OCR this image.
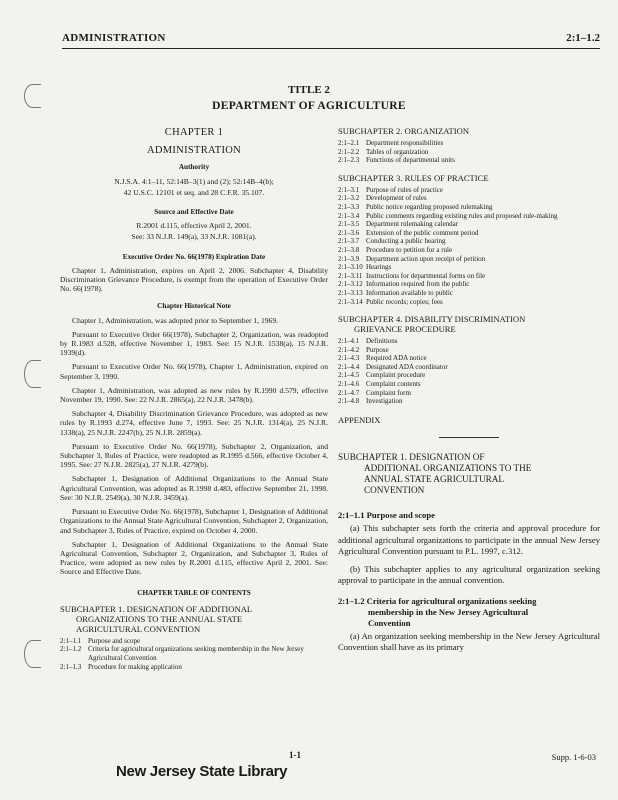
ADMINISTRATION	2:1–1.2
TITLE 2
DEPARTMENT OF AGRICULTURE
CHAPTER 1
ADMINISTRATION
Authority
N.J.S.A. 4:1–11, 52:14B–3(1) and (2); 52:14B–4(b);
42 U.S.C. 12101 et seq. and 28 C.F.R. 35.107.
Source and Effective Date
R.2001 d.115, effective April 2, 2001.
See: 33 N.J.R. 149(a), 33 N.J.R. 1081(a).
Executive Order No. 66(1978) Expiration Date
Chapter 1, Administration, expires on April 2, 2006. Subchapter 4, Disability Discrimination Grievance Procedure, is exempt from the operation of Executive Order No. 66(1978).
Chapter Historical Note
Chapter 1, Administration, was adopted prior to September 1, 1969.
Pursuant to Executive Order 66(1978), Subchapter 2, Organization, was readopted by R.1983 d.528, effective November 1, 1983. See: 15 N.J.R. 1538(a), 15 N.J.R. 1939(d).
Pursuant to Executive Order No. 66(1978), Chapter 1, Administration, expired on September 3, 1990.
Chapter 1, Administration, was adopted as new rules by R.1990 d.579, effective November 19, 1990. See: 22 N.J.R. 2865(a), 22 N.J.R. 3478(b).
Subchapter 4, Disability Discrimination Grievance Procedure, was adopted as new rules by R.1993 d.274, effective June 7, 1993. See: 25 N.J.R. 1314(a), 25 N.J.R. 1338(a), 25 N.J.R. 2247(b), 25 N.J.R. 2859(a).
Pursuant to Executive Order No. 66(1978), Subchapter 2, Organization, and Subchapter 3, Rules of Practice, were readopted as R.1995 d.566, effective October 4, 1995. See: 27 N.J.R. 2825(a), 27 N.J.R. 4279(b).
Subchapter 1, Designation of Additional Organizations to the Annual State Agricultural Convention, was adopted as R.1998 d.483, effective September 21, 1998. See: 30 N.J.R. 2549(a), 30 N.J.R. 3459(a).
Pursuant to Executive Order No. 66(1978), Subchapter 1, Designation of Additional Organizations to the Annual State Agricultural Convention, Subchapter 2, Organization, and Subchapter 3, Rules of Practice, expired on October 4, 2000.
Subchapter 1, Designation of Additional Organizations to the Annual State Agricultural Convention, Subchapter 2, Organization, and Subchapter 3, Rules of Practice, were adopted as new rules by R.2001 d.115, effective April 2, 2001. See: Source and Effective Date.
CHAPTER TABLE OF CONTENTS
SUBCHAPTER 1. DESIGNATION OF ADDITIONAL
ORGANIZATIONS TO THE ANNUAL STATE
AGRICULTURAL CONVENTION
2:1–1.1 Purpose and scope
2:1–1.2 Criteria for agricultural organizations seeking membership in the New Jersey Agricultural Convention
2:1–1.3 Procedure for making application
SUBCHAPTER 2. ORGANIZATION
2:1–2.1 Department responsibilities
2:1–2.2 Tables of organization
2:1–2.3 Functions of departmental units
SUBCHAPTER 3. RULES OF PRACTICE
2:1–3.1 Purpose of rules of practice
2:1–3.2 Development of rules
2:1–3.3 Public notice regarding proposed rulemaking
2:1–3.4 Public comments regarding existing rules and proposed rule-making
2:1–3.5 Department rulemaking calendar
2:1–3.6 Extension of the public comment period
2:1–3.7 Conducting a public hearing
2:1–3.8 Procedure to petition for a rule
2:1–3.9 Department action upon receipt of petition
2:1–3.10 Hearings
2:1–3.11 Instructions for departmental forms on file
2:1–3.12 Information required from the public
2:1–3.13 Information available to public
2:1–3.14 Public records; copies; fees
SUBCHAPTER 4. DISABILITY DISCRIMINATION
GRIEVANCE PROCEDURE
2:1–4.1 Definitions
2:1–4.2 Purpose
2:1–4.3 Required ADA notice
2:1–4.4 Designated ADA coordinator
2:1–4.5 Complaint procedure
2:1–4.6 Complaint contents
2:1–4.7 Complaint form
2:1–4.8 Investigation
APPENDIX
SUBCHAPTER 1. DESIGNATION OF
ADDITIONAL ORGANIZATIONS TO THE
ANNUAL STATE AGRICULTURAL
CONVENTION
2:1–1.1 Purpose and scope
(a) This subchapter sets forth the criteria and approval procedure for additional agricultural organizations to participate in the annual New Jersey Agricultural Convention pursuant to P.L. 1997, c.312.
(b) This subchapter applies to any agricultural organization seeking approval to participate in the annual convention.
2:1–1.2 Criteria for agricultural organizations seeking
membership in the New Jersey Agricultural
Convention
(a) An organization seeking membership in the New Jersey Agricultural Convention shall have as its primary
1-1	Supp. 1-6-03
New Jersey State Library
